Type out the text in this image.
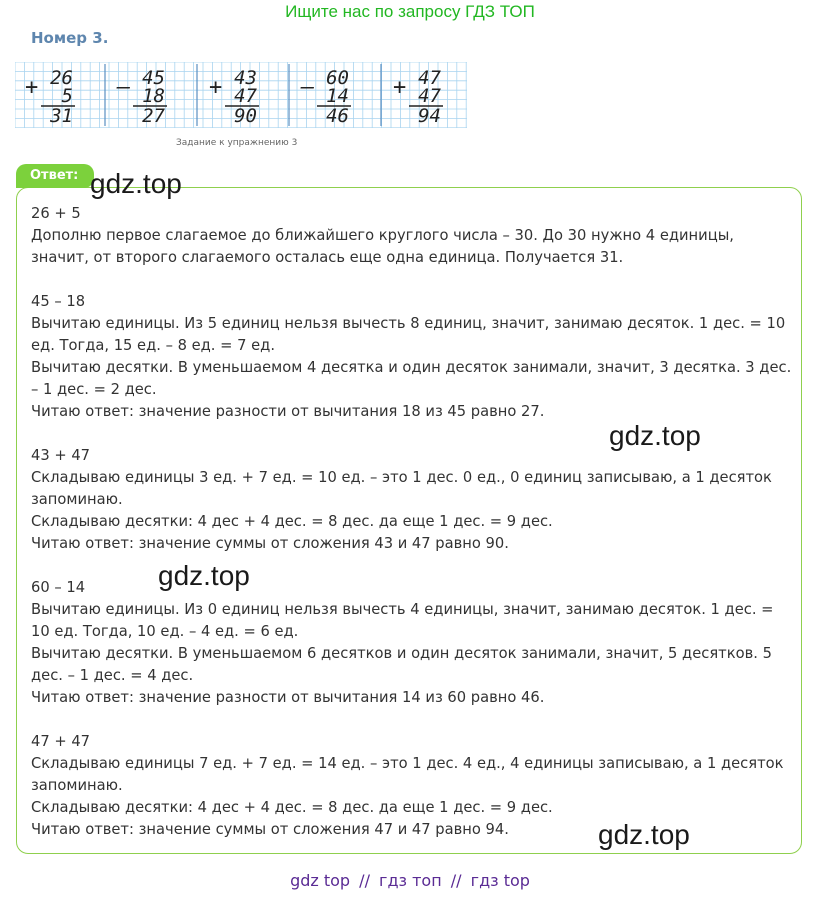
Ищите нас по запросу ГДЗ ТОП
Номер 3.
+ 26
5
31
– 45
18
27
+ 43
47
90
– 60
14
46
+ 47
47
94
Задание к упражнению 3
Ответ:

26 + 5

Дополню первое слагаемое до ближайшего круглого числа – 30. До 30 нужно 4 единицы, значит, от второго слагаемого осталась еще одна единица. Получается 31.

45 – 18

Вычитаю единицы. Из 5 единиц нельзя вычесть 8 единиц, значит, занимаю десяток. 1 дес. = 10 ед. Тогда, 15 ед. – 8 ед. = 7 ед.

Вычитаю десятки. В уменьшаемом 4 десятка и один десяток занимали, значит, 3 десятка. 3 дес. – 1 дес. = 2 дес.

Читаю ответ: значение разности от вычитания 18 из 45 равно 27.

43 + 47

Складываю единицы 3 ед. + 7 ед. = 10 ед. – это 1 дес. 0 ед., 0 единиц записываю, а 1 десяток запоминаю.

Складываю десятки: 4 дес + 4 дес. = 8 дес. да еще 1 дес. = 9 дес.

Читаю ответ: значение суммы от сложения 43 и 47 равно 90.

60 – 14

Вычитаю единицы. Из 0 единиц нельзя вычесть 4 единицы, значит, занимаю десяток. 1 дес. = 10 ед. Тогда, 10 ед. – 4 ед. = 6 ед.

Вычитаю десятки. В уменьшаемом 6 десятков и один десяток занимали, значит, 5 десятков. 5 дес. – 1 дес. = 4 дес.

Читаю ответ: значение разности от вычитания 14 из 60 равно 46.

47 + 47

Складываю единицы 7 ед. + 7 ед. = 14 ед. – это 1 дес. 4 ед., 4 единицы записываю, а 1 десяток запоминаю.

Складываю десятки: 4 дес + 4 дес. = 8 дес. да еще 1 дес. = 9 дес.

Читаю ответ: значение суммы от сложения 47 и 47 равно 94.

gdz.top
gdz.top
gdz.top
gdz.top
gdz top // гдз топ // гдз top
